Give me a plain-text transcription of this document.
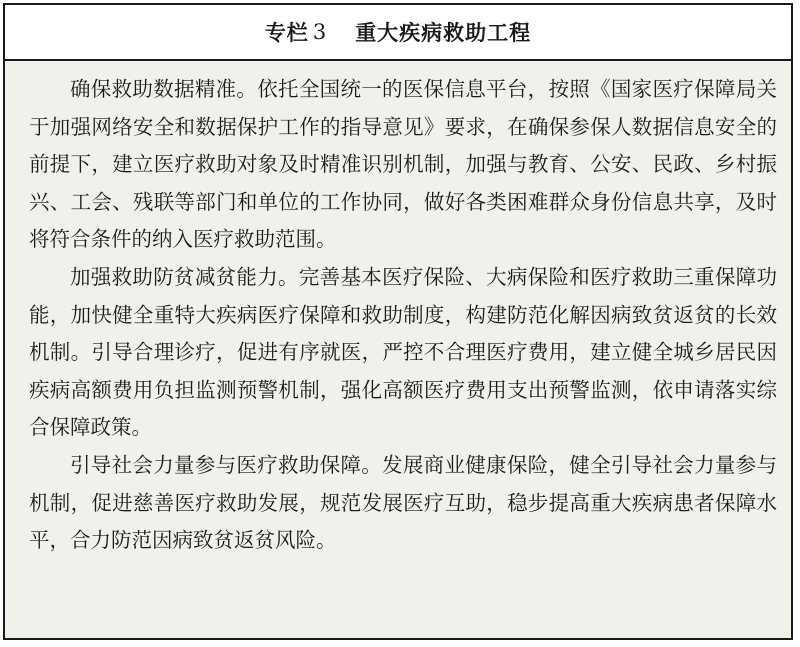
专栏 3 重大疾病救助工程

确保救助数据精准。依托全国统一的医保信息平台，按照《国家医疗保障局关于加强网络安全和数据保护工作的指导意见》要求，在确保参保人数据信息安全的前提下，建立医疗救助对象及时精准识别机制，加强与教育、公安、民政、乡村振兴、工会、残联等部门和单位的工作协同，做好各类困难群众身份信息共享，及时将符合条件的纳入医疗救助范围。

加强救助防贫减贫能力。完善基本医疗保险、大病保险和医疗救助三重保障功能，加快健全重特大疾病医疗保障和救助制度，构建防范化解因病致贫返贫的长效机制。引导合理诊疗，促进有序就医，严控不合理医疗费用，建立健全城乡居民因疾病高额费用负担监测预警机制，强化高额医疗费用支出预警监测，依申请落实综合保障政策。

引导社会力量参与医疗救助保障。发展商业健康保险，健全引导社会力量参与机制，促进慈善医疗救助发展，规范发展医疗互助，稳步提高重大疾病患者保障水平，合力防范因病致贫返贫风险。
